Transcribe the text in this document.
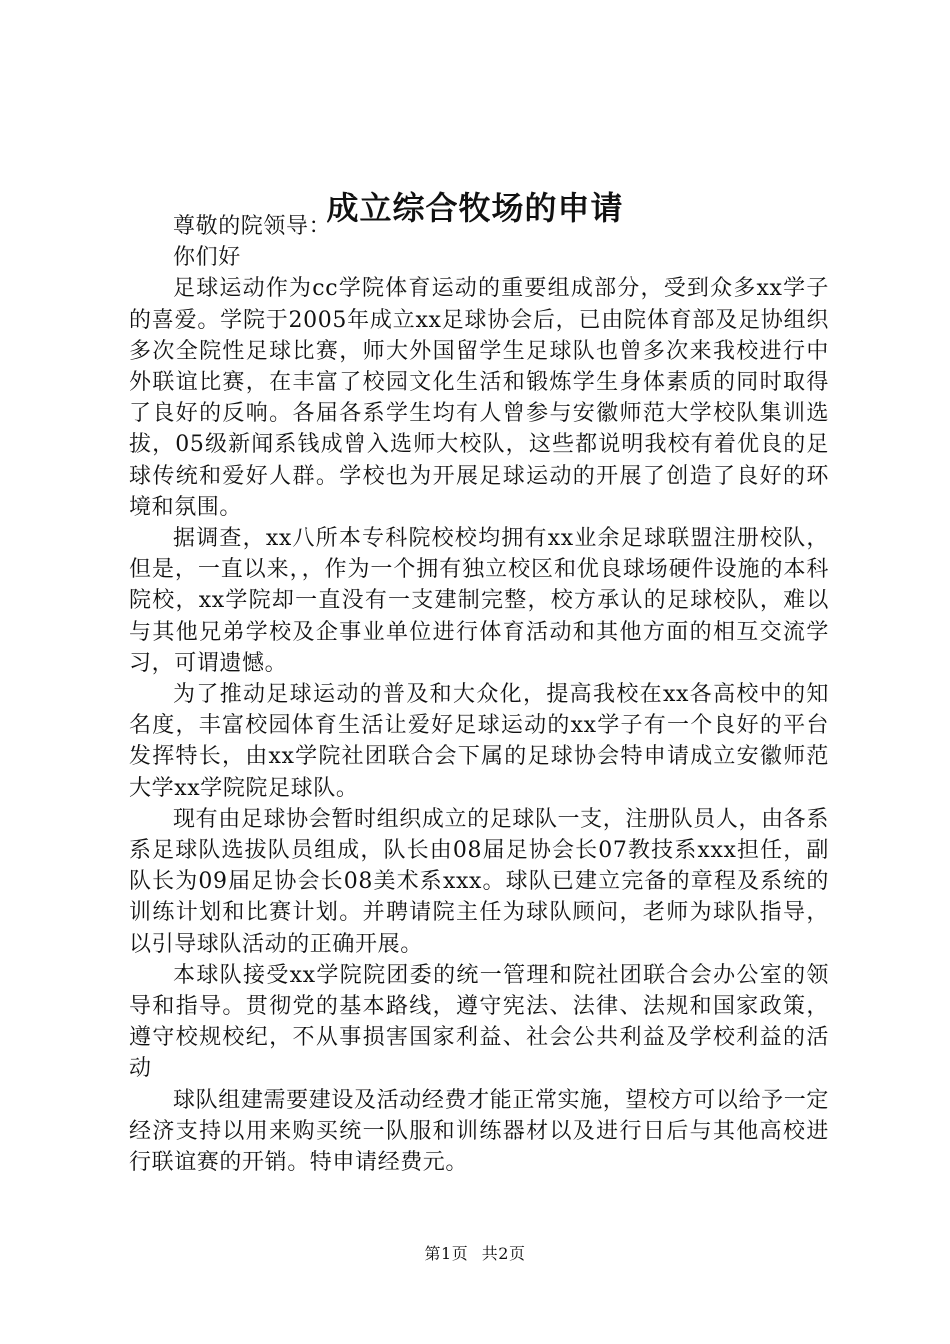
成立综合牧场的申请

尊敬的院领导：

你们好

足球运动作为cc学院体育运动的重要组成部分，受到众多xx学子的喜爱。学院于2005年成立xx足球协会后，已由院体育部及足协组织多次全院性足球比赛，师大外国留学生足球队也曾多次来我校进行中外联谊比赛，在丰富了校园文化生活和锻炼学生身体素质的同时取得了良好的反响。各届各系学生均有人曾参与安徽师范大学校队集训选拔，05级新闻系钱成曾入选师大校队，这些都说明我校有着优良的足球传统和爱好人群。学校也为开展足球运动的开展了创造了良好的环境和氛围。

据调查，xx八所本专科院校校均拥有xx业余足球联盟注册校队，但是，一直以来，，作为一个拥有独立校区和优良球场硬件设施的本科院校，xx学院却一直没有一支建制完整，校方承认的足球校队，难以与其他兄弟学校及企事业单位进行体育活动和其他方面的相互交流学习，可谓遗憾。

为了推动足球运动的普及和大众化，提高我校在xx各高校中的知名度，丰富校园体育生活让爱好足球运动的xx学子有一个良好的平台发挥特长，由xx学院社团联合会下属的足球协会特申请成立安徽师范大学xx学院院足球队。

现有由足球协会暂时组织成立的足球队一支，注册队员人，由各系系足球队选拔队员组成，队长由08届足协会长07教技系xxx担任，副队长为09届足协会长08美术系xxx。球队已建立完备的章程及系统的训练计划和比赛计划。并聘请院主任为球队顾问，老师为球队指导，以引导球队活动的正确开展。

本球队接受xx学院院团委的统一管理和院社团联合会办公室的领导和指导。贯彻党的基本路线，遵守宪法、法律、法规和国家政策，遵守校规校纪，不从事损害国家利益、社会公共利益及学校利益的活动

球队组建需要建设及活动经费才能正常实施，望校方可以给予一定经济支持以用来购买统一队服和训练器材以及进行日后与其他高校进行联谊赛的开销。特申请经费元。

第1页 共2页
